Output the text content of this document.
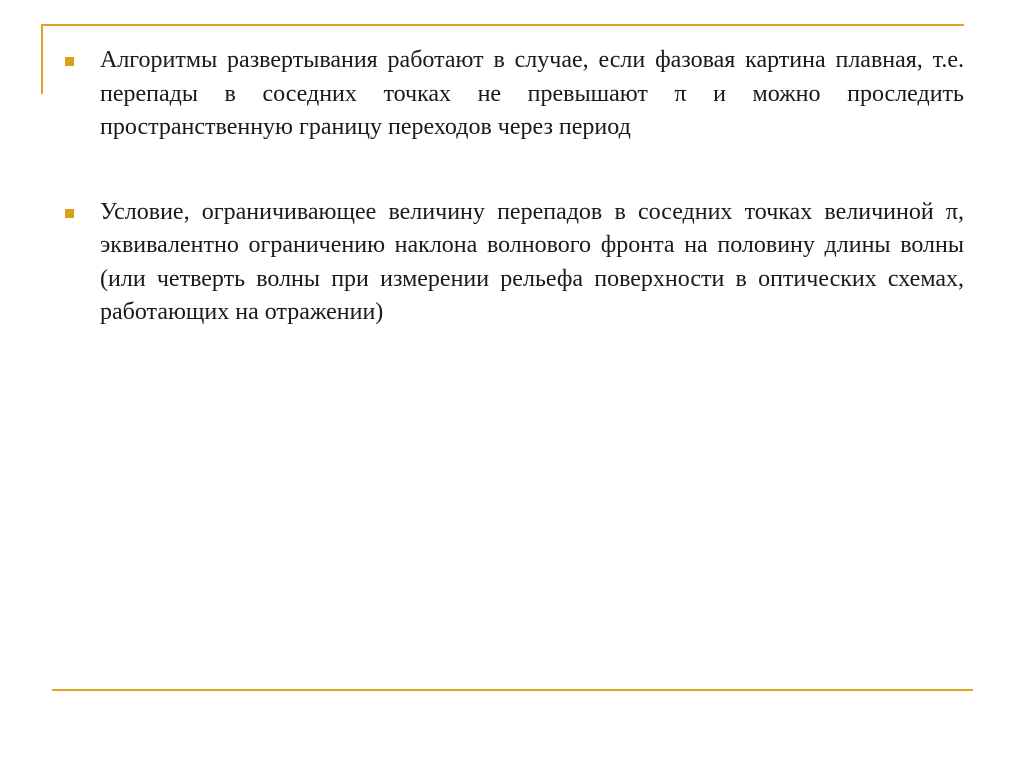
Алгоритмы развертывания работают в случае, если фазовая картина плавная, т.е. перепады в соседних точках не превышают π и можно проследить пространственную границу переходов через период
Условие, ограничивающее величину перепадов в соседних точках величиной π, эквивалентно ограничению наклона волнового фронта на половину длины волны (или четверть волны при измерении рельефа поверхности в оптических схемах, работающих на отражении)
